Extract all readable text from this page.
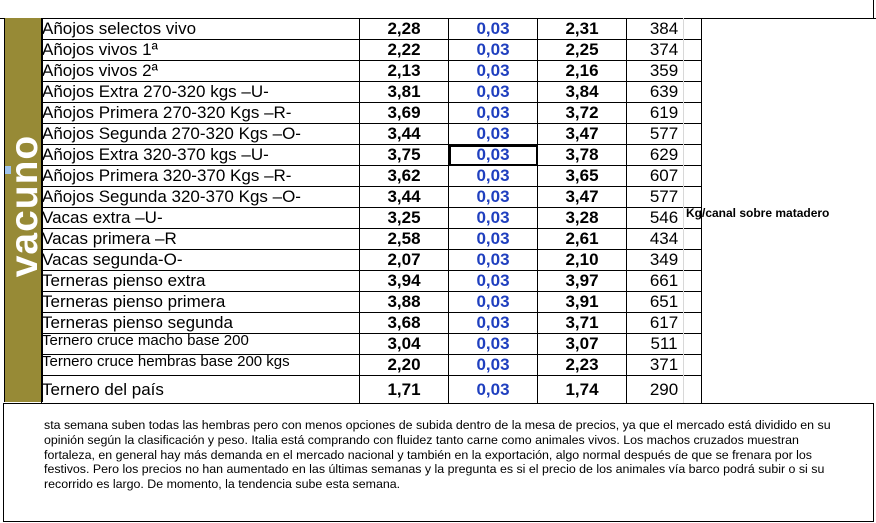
vacuno
Añojos selectos vivo	2,28	0,03	2,31	384
Añojos vivos 1ª	2,22	0,03	2,25	374
Añojos vivos 2ª	2,13	0,03	2,16	359
Añojos Extra 270-320 kgs –U-	3,81	0,03	3,84	639
Añojos Primera 270-320 Kgs –R-	3,69	0,03	3,72	619
Añojos Segunda 270-320 Kgs –O-	3,44	0,03	3,47	577
Añojos Extra 320-370 kgs –U-	3,75	0,03	3,78	629
Añojos Primera 320-370 Kgs –R-	3,62	0,03	3,65	607
Añojos Segunda 320-370 Kgs –O-	3,44	0,03	3,47	577
Vacas extra –U-	3,25	0,03	3,28	546
Vacas primera –R	2,58	0,03	2,61	434
Vacas segunda-O-	2,07	0,03	2,10	349
Terneras pienso extra	3,94	0,03	3,97	661
Terneras pienso primera	3,88	0,03	3,91	651
Terneras pienso segunda	3,68	0,03	3,71	617
Ternero cruce macho base 200	3,04	0,03	3,07	511
Ternero cruce hembras base 200 kgs	2,20	0,03	2,23	371
Ternero del país	1,71	0,03	1,74	290
Kg/canal sobre matadero
sta semana suben todas las hembras pero con menos opciones de subida dentro de la mesa de precios, ya que el mercado está dividido en su opinión según la clasificación y peso. Italia está comprando con fluidez tanto carne como animales vivos. Los machos cruzados muestran fortaleza, en general hay más demanda en el mercado nacional y también en la exportación, algo normal después de que se frenara por los festivos. Pero los precios no han aumentado en las últimas semanas y la pregunta es si el precio de los animales vía barco podrá subir o si su recorrido es largo. De momento, la tendencia sube esta semana.
